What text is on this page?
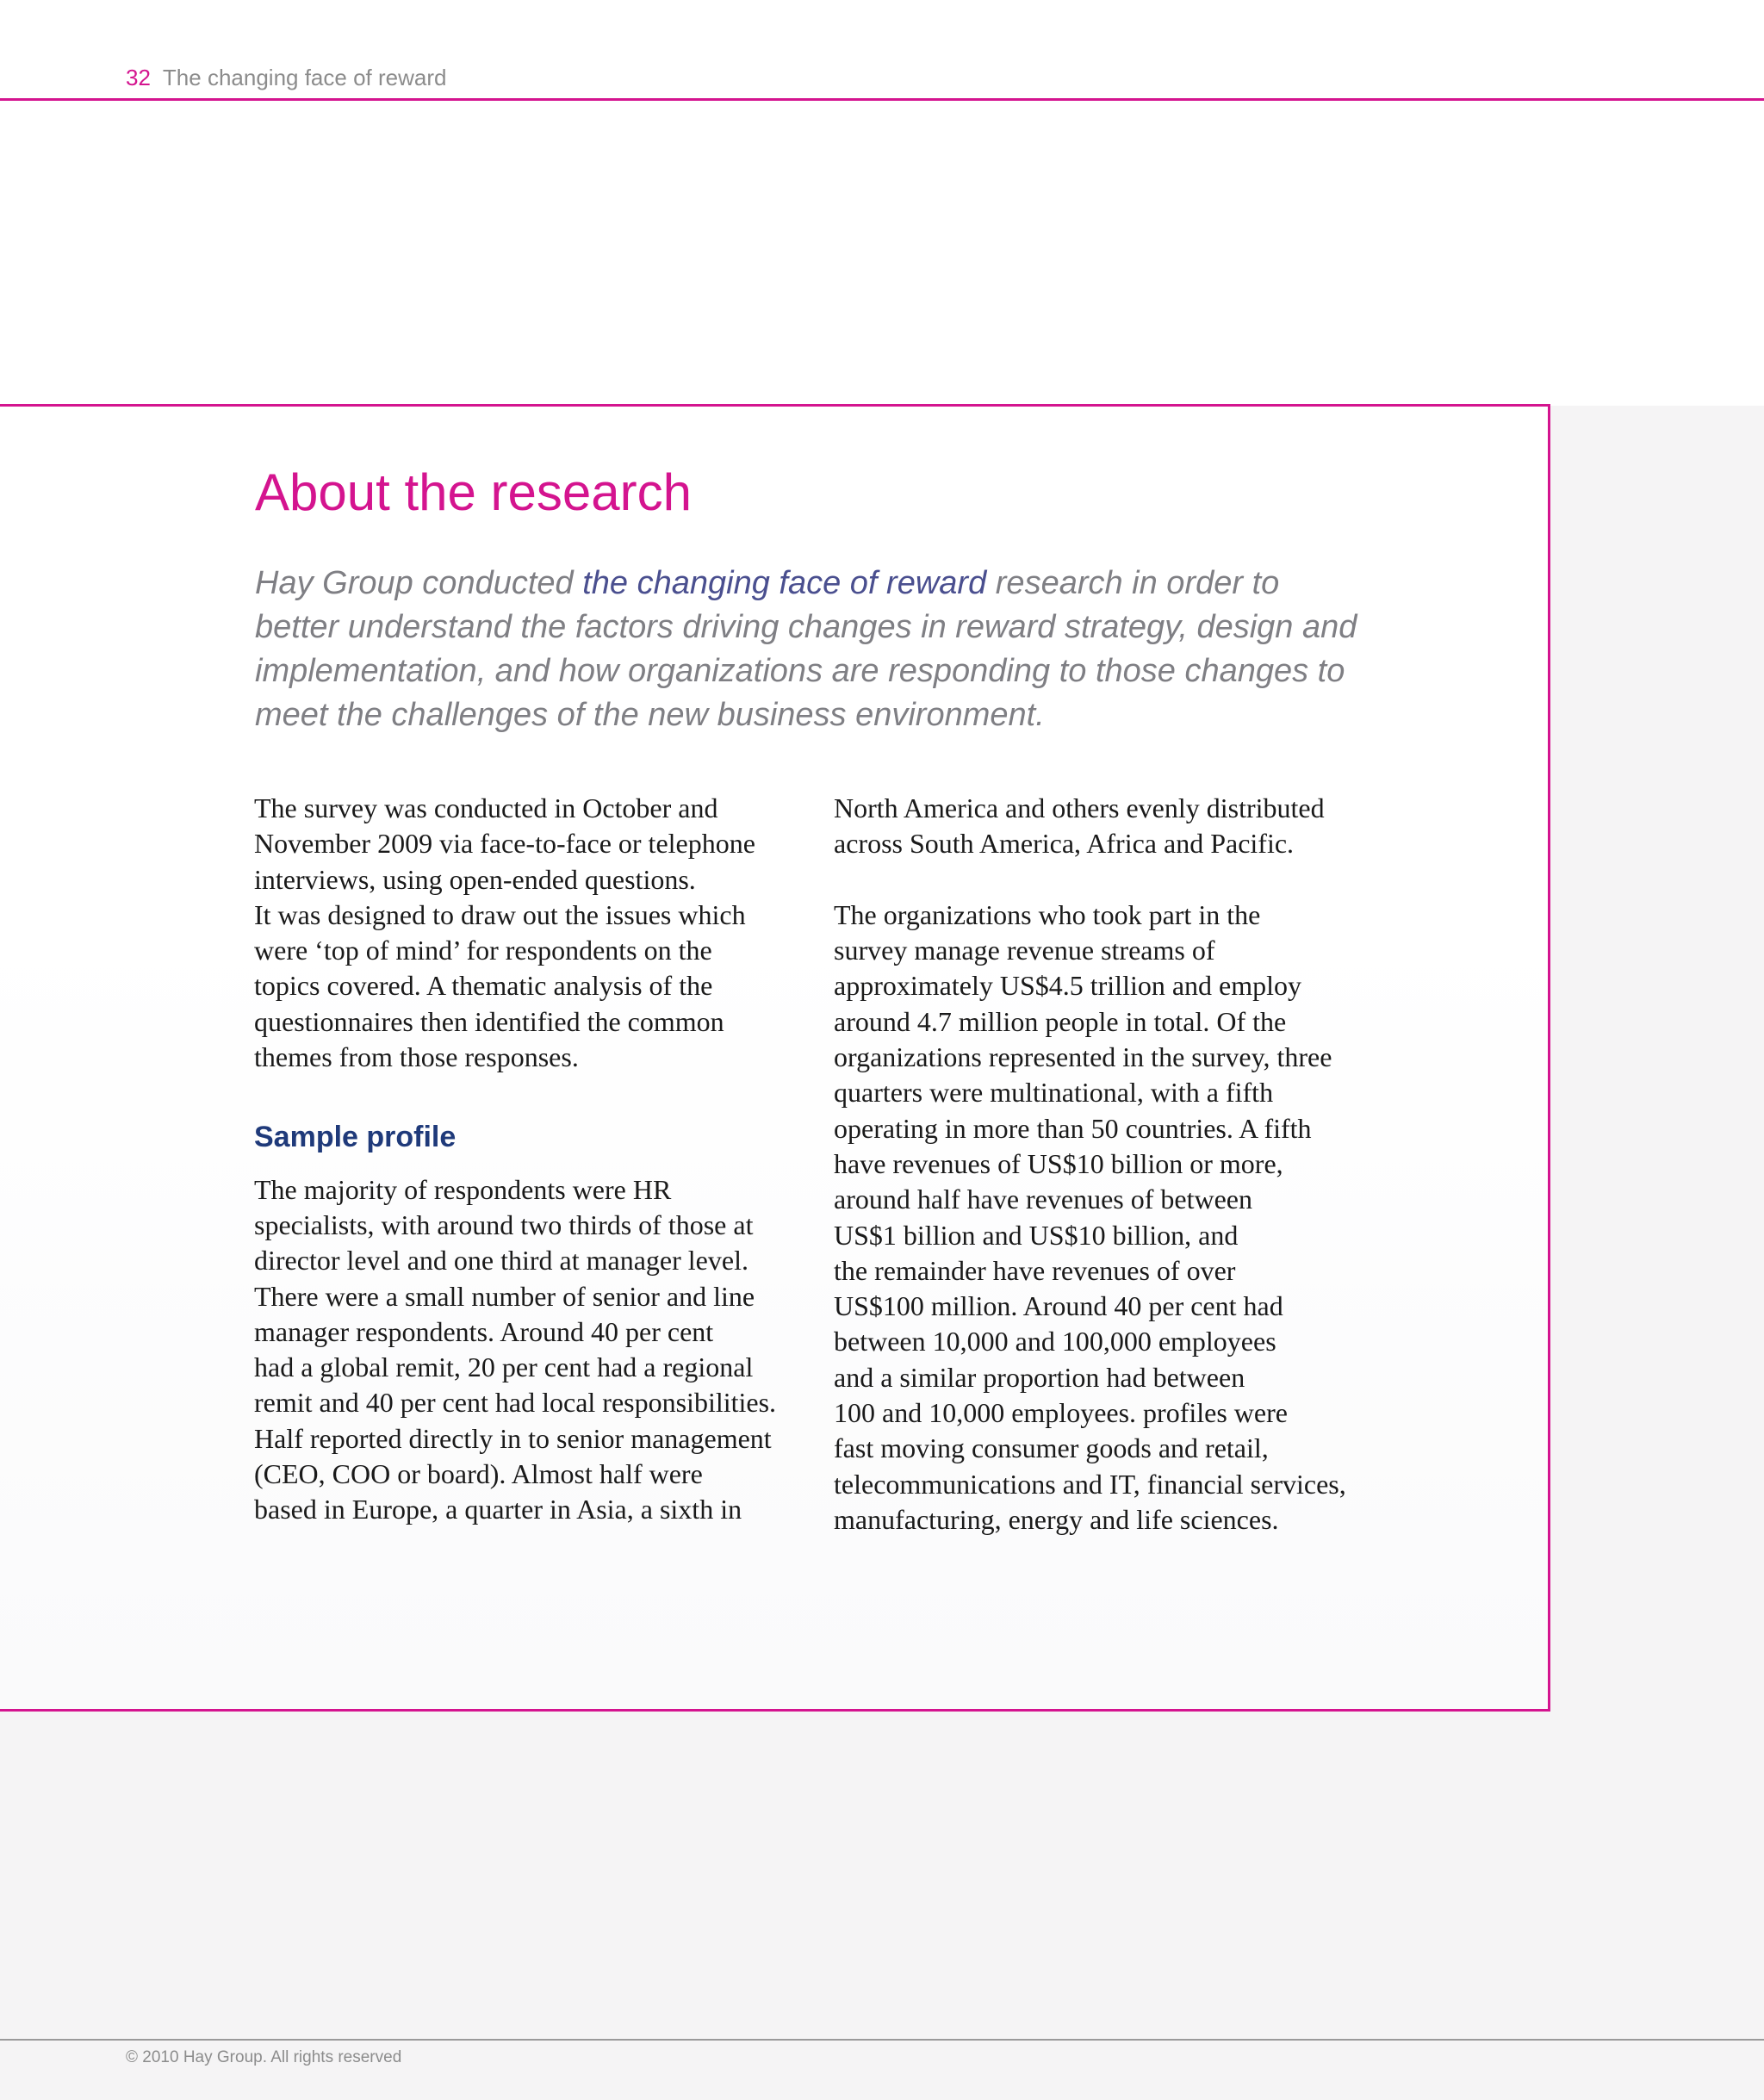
32 The changing face of reward
About the research

Hay Group conducted the changing face of reward research in order to
better understand the factors driving changes in reward strategy, design and
implementation, and how organizations are responding to those changes to
meet the challenges of the new business environment.

The survey was conducted in October and

November 2009 via face-to-face or telephone

interviews, using open-ended questions.

It was designed to draw out the issues which

were ‘top of mind’ for respondents on the

topics covered. A thematic analysis of the

questionnaires then identified the common

themes from those responses.

Sample profile

The majority of respondents were HR

specialists, with around two thirds of those at

director level and one third at manager level.

There were a small number of senior and line

manager respondents. Around 40 per cent

had a global remit, 20 per cent had a regional

remit and 40 per cent had local responsibilities.

Half reported directly in to senior management

(CEO, COO or board). Almost half were

based in Europe, a quarter in Asia, a sixth in

North America and others evenly distributed

across South America, Africa and Pacific.

The organizations who took part in the

survey manage revenue streams of

approximately US$4.5 trillion and employ

around 4.7 million people in total. Of the

organizations represented in the survey, three

quarters were multinational, with a fifth

operating in more than 50 countries. A fifth

have revenues of US$10 billion or more,

around half have revenues of between

US$1 billion and US$10 billion, and

the remainder have revenues of over

US$100 million. Around 40 per cent had

between 10,000 and 100,000 employees

and a similar proportion had between

100 and 10,000 employees. profiles were

fast moving consumer goods and retail,

telecommunications and IT, financial services,

manufacturing, energy and life sciences.

© 2010 Hay Group. All rights reserved
